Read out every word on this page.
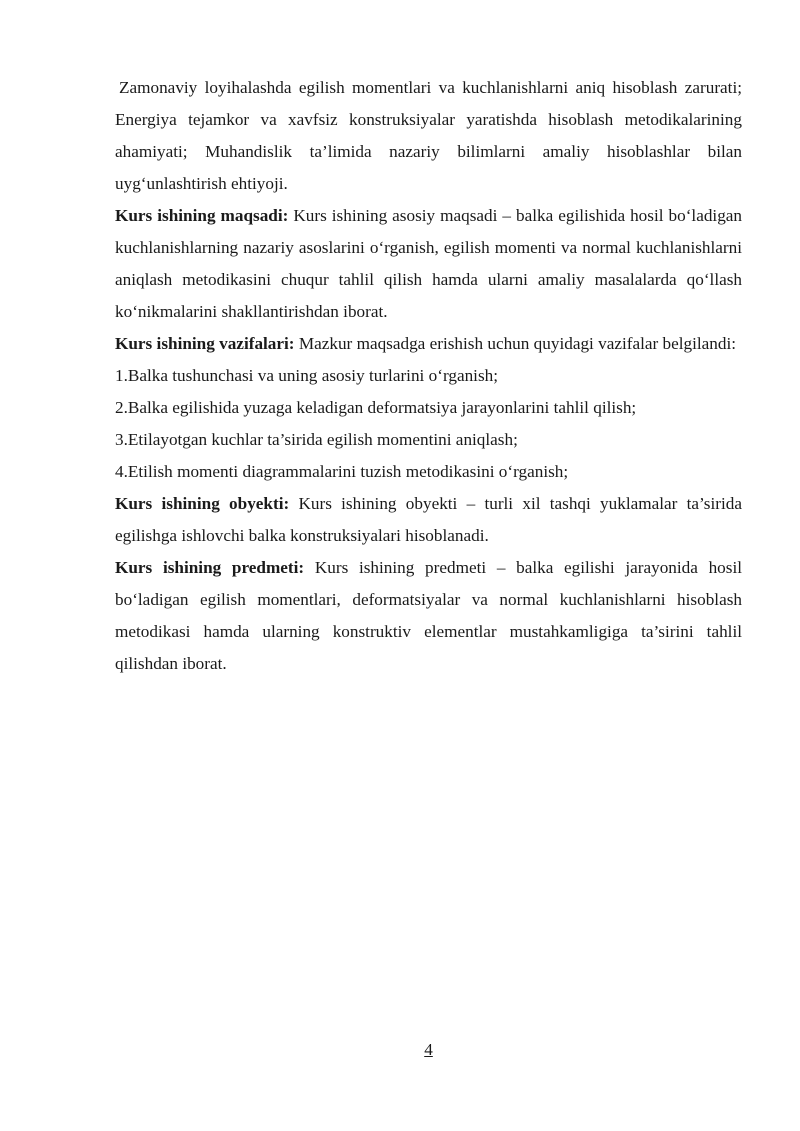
Zamonaviy loyihalashda egilish momentlari va kuchlanishlarni aniq hisoblash zarurati; Energiya tejamkor va xavfsiz konstruksiyalar yaratishda hisoblash metodikalarining ahamiyati; Muhandislik ta’limida nazariy bilimlarni amaliy hisoblashlar bilan uyg‘unlashtirish ehtiyoji.

Kurs ishining maqsadi: Kurs ishining asosiy maqsadi – balka egilishida hosil bo‘ladigan kuchlanishlarning nazariy asoslarini o‘rganish, egilish momenti va normal kuchlanishlarni aniqlash metodikasini chuqur tahlil qilish hamda ularni amaliy masalalarda qo‘llash ko‘nikmalarini shakllantirishdan iborat.

Kurs ishining vazifalari: Mazkur maqsadga erishish uchun quyidagi vazifalar belgilandi:

1.Balka tushunchasi va uning asosiy turlarini o‘rganish;

2.Balka egilishida yuzaga keladigan deformatsiya jarayonlarini tahlil qilish;

3.Etilayotgan kuchlar ta’sirida egilish momentini aniqlash;

4.Etilish momenti diagrammalarini tuzish metodikasini o‘rganish;

Kurs ishining obyekti: Kurs ishining obyekti – turli xil tashqi yuklamalar ta’sirida egilishga ishlovchi balka konstruksiyalari hisoblanadi.

Kurs ishining predmeti: Kurs ishining predmeti – balka egilishi jarayonida hosil bo‘ladigan egilish momentlari, deformatsiyalar va normal kuchlanishlarni hisoblash metodikasi hamda ularning konstruktiv elementlar mustahkamligiga ta’sirini tahlil qilishdan iborat.

4
